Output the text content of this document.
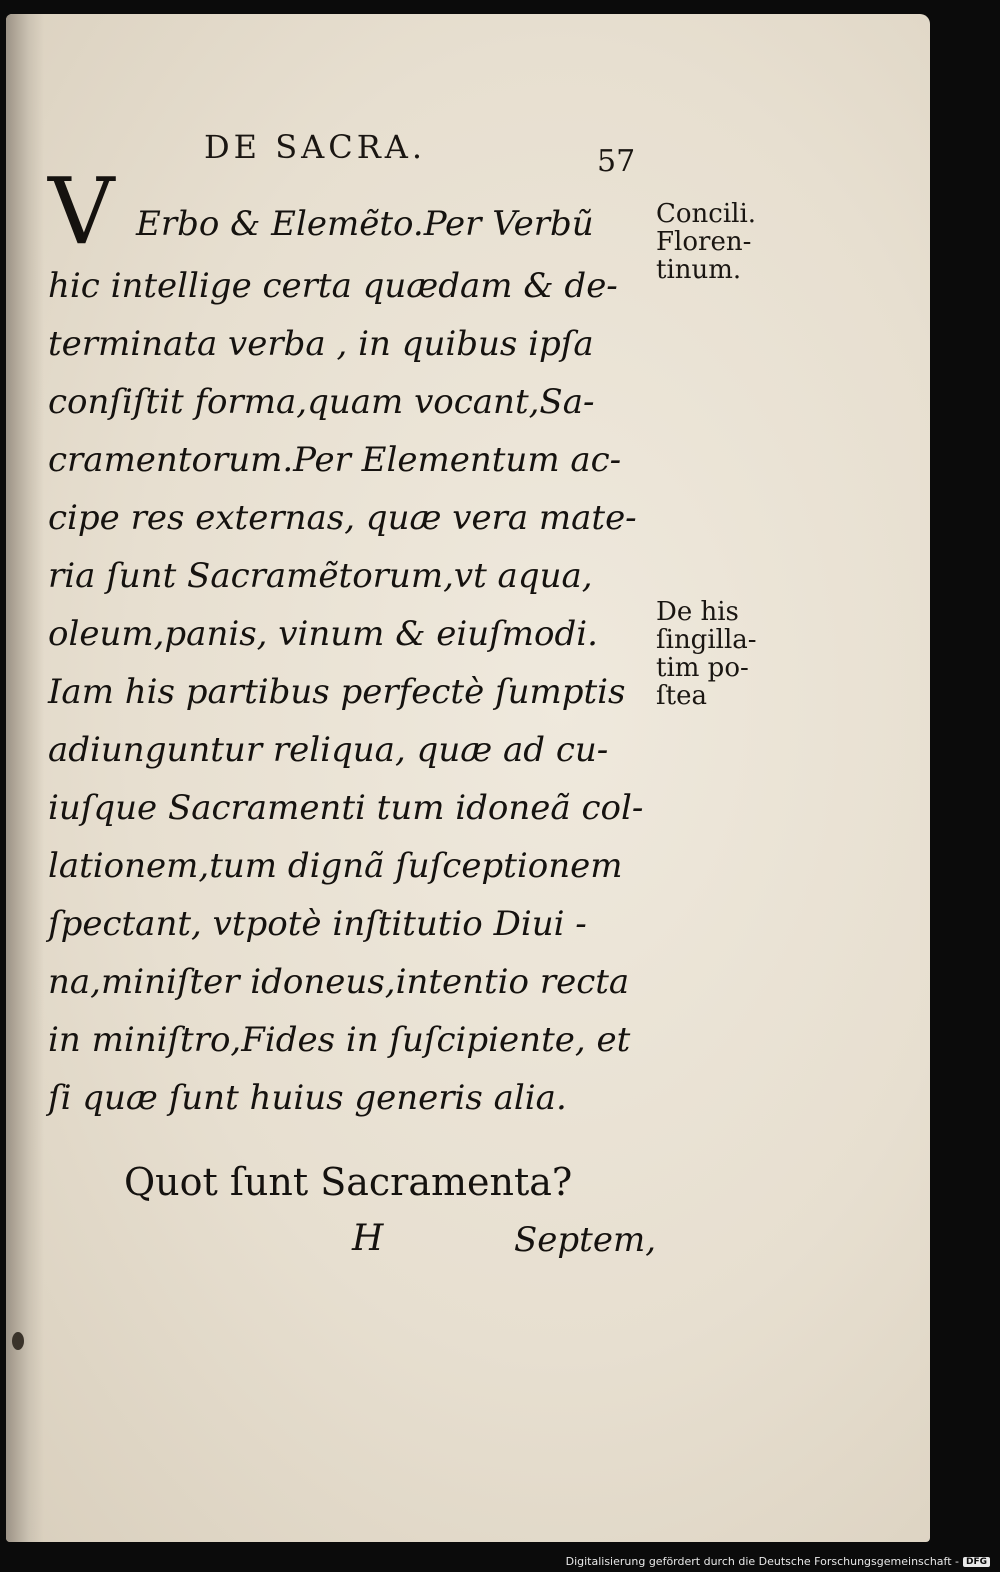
DE SACRA.	57
V Erbo & Elemẽto.Per Verbũ
hic intellige certa quædam & de-
terminata verba , in quibus ipſa
conſiſtit forma,quam vocant,Sa-
cramentorum.Per Elementum ac-
cipe res externas, quæ vera mate-
ria ſunt Sacramẽtorum,vt aqua,
oleum,panis, vinum & eiuſmodi.
Iam his partibus perfectè ſumptis
adiunguntur reliqua, quæ ad cu-
iuſque Sacramenti tum idoneã col-
lationem,tum dignã ſuſceptionem
ſpectant, vtpotè inſtitutio Diui -
na,miniſter idoneus,intentio recta
in miniſtro,Fides in ſuſcipiente, et
ſi quæ ſunt huius generis alia.
Concili.
Floren-
tinum.
De his
ſingilla-
tim po-
ſtea
Quot ſunt Sacramenta?
H	Septem,
Digitalisierung gefördert durch die Deutsche Forschungsgemeinschaft - DFG
